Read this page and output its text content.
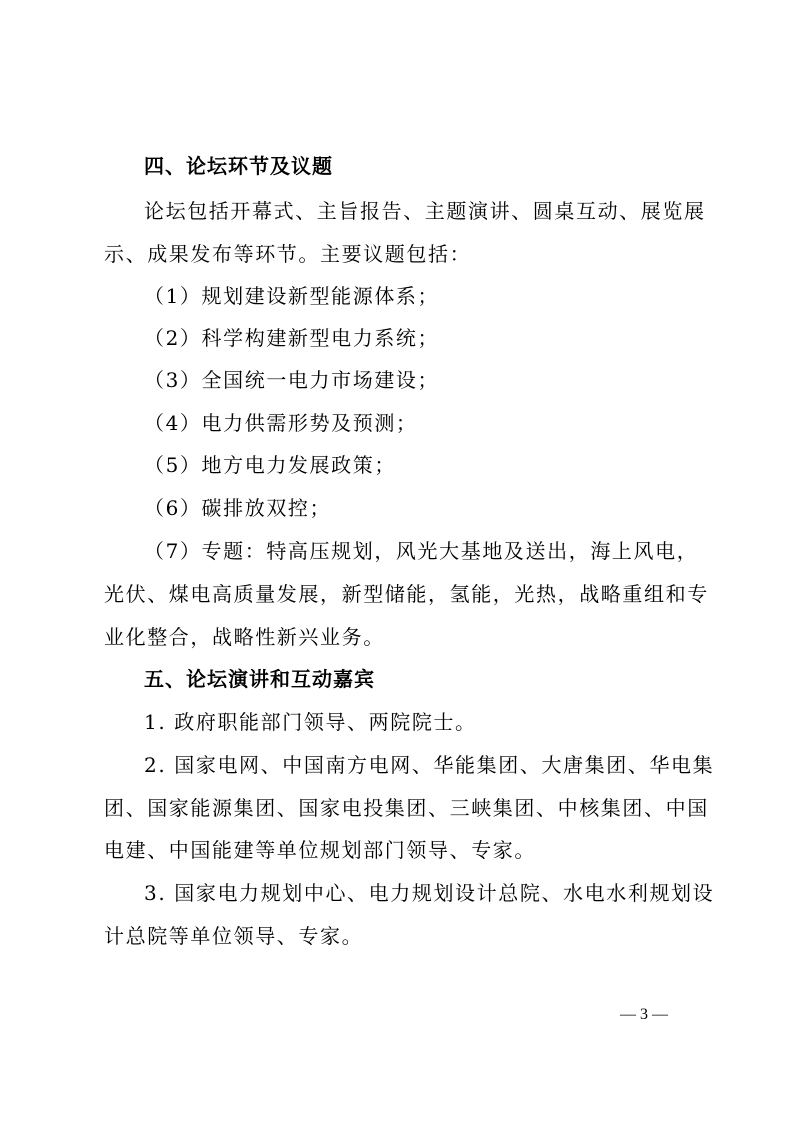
四、论坛环节及议题
论坛包括开幕式、主旨报告、主题演讲、圆桌互动、展览展
示、成果发布等环节。主要议题包括：
（1）规划建设新型能源体系；
（2）科学构建新型电力系统；
（3）全国统一电力市场建设；
（4）电力供需形势及预测；
（5）地方电力发展政策；
（6）碳排放双控；
（7）专题：特高压规划，风光大基地及送出，海上风电，
光伏、煤电高质量发展，新型储能，氢能，光热，战略重组和专
业化整合，战略性新兴业务。
五、论坛演讲和互动嘉宾
1. 政府职能部门领导、两院院士。
2. 国家电网、中国南方电网、华能集团、大唐集团、华电集
团、国家能源集团、国家电投集团、三峡集团、中核集团、中国
电建、中国能建等单位规划部门领导、专家。
3. 国家电力规划中心、电力规划设计总院、水电水利规划设
计总院等单位领导、专家。
— 3 —
